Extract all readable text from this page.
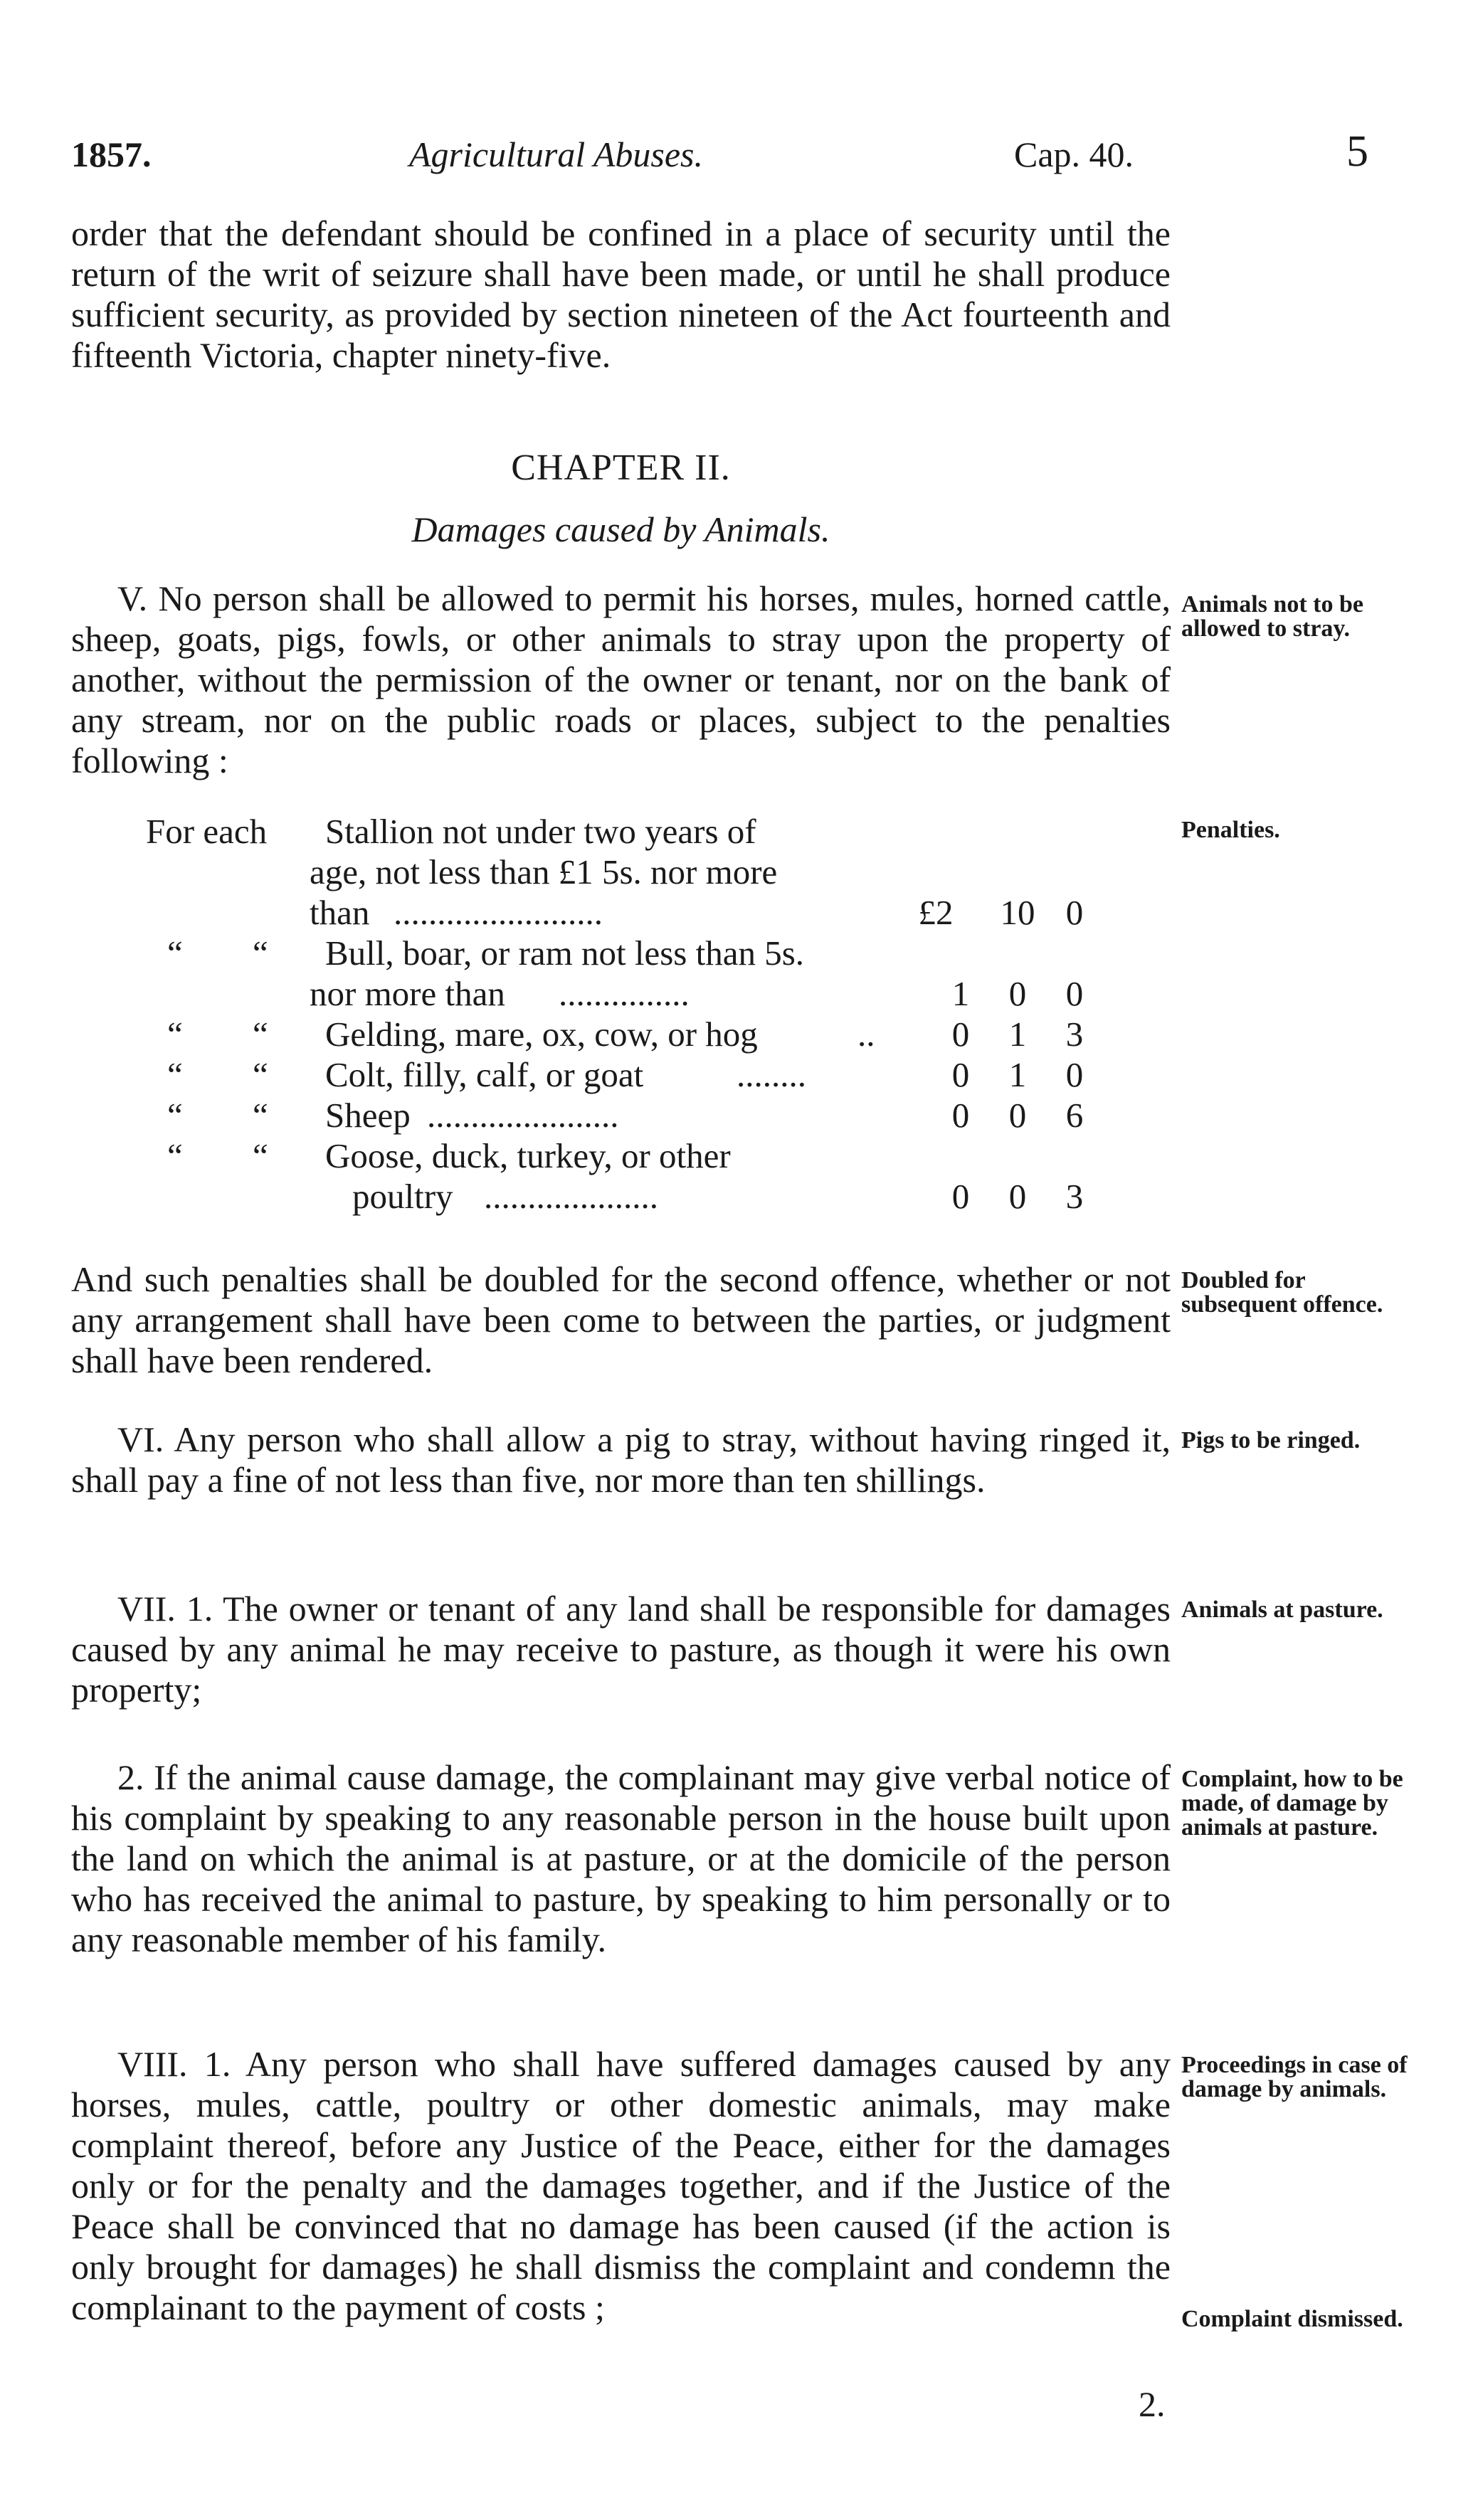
1857.	Agricultural Abuses.	Cap. 40.	5

order that the defendant should be confined in a place of security until the return of the writ of seizure shall have been made, or until he shall produce sufficient security, as provided by section nineteen of the Act fourteenth and fifteenth Victoria, chapter ninety-five.

CHAPTER II.
Damages caused by Animals.

V. No person shall be allowed to permit his horses, mules, horned cattle, sheep, goats, pigs, fowls, or other animals to stray upon the property of another, without the permission of the owner or tenant, nor on the bank of any stream, nor on the public roads or places, subject to the penalties following :

Animals not to be allowed to stray.
Penalties.
For each Stallion not under two years of
age, not less than £1 5s. nor more
than ........................	£2 10 0
“ “ Bull, boar, or ram not less than 5s.
nor more than ...............	1	0	0
“ “ Gelding, mare, ox, cow, or hog	..	0	1	3
“ “ Colt, filly, calf, or goat	........	0	1	0
“ “ Sheep ......................	0	0	6
“ “ Goose, duck, turkey, or other
poultry ....................	0	0	3

And such penalties shall be doubled for the second offence, whether or not any arrangement shall have been come to between the parties, or judgment shall have been rendered.

Doubled for subsequent offence.

VI. Any person who shall allow a pig to stray, without having ringed it, shall pay a fine of not less than five, nor more than ten shillings.

Pigs to be ringed.

VII. 1. The owner or tenant of any land shall be responsible for damages caused by any animal he may receive to pasture, as though it were his own property;

Animals at pasture.

2. If the animal cause damage, the complainant may give verbal notice of his complaint by speaking to any reasonable person in the house built upon the land on which the animal is at pasture, or at the domicile of the person who has received the animal to pasture, by speaking to him personally or to any reasonable member of his family.

Complaint, how to be made, of damage by animals at pasture.

VIII. 1. Any person who shall have suffered damages caused by any horses, mules, cattle, poultry or other domestic animals, may make complaint thereof, before any Justice of the Peace, either for the damages only or for the penalty and the damages together, and if the Justice of the Peace shall be convinced that no damage has been caused (if the action is only brought for damages) he shall dismiss the complaint and condemn the complainant to the payment of costs ;

Proceedings in case of damage by animals.
Complaint dismissed.
2.
